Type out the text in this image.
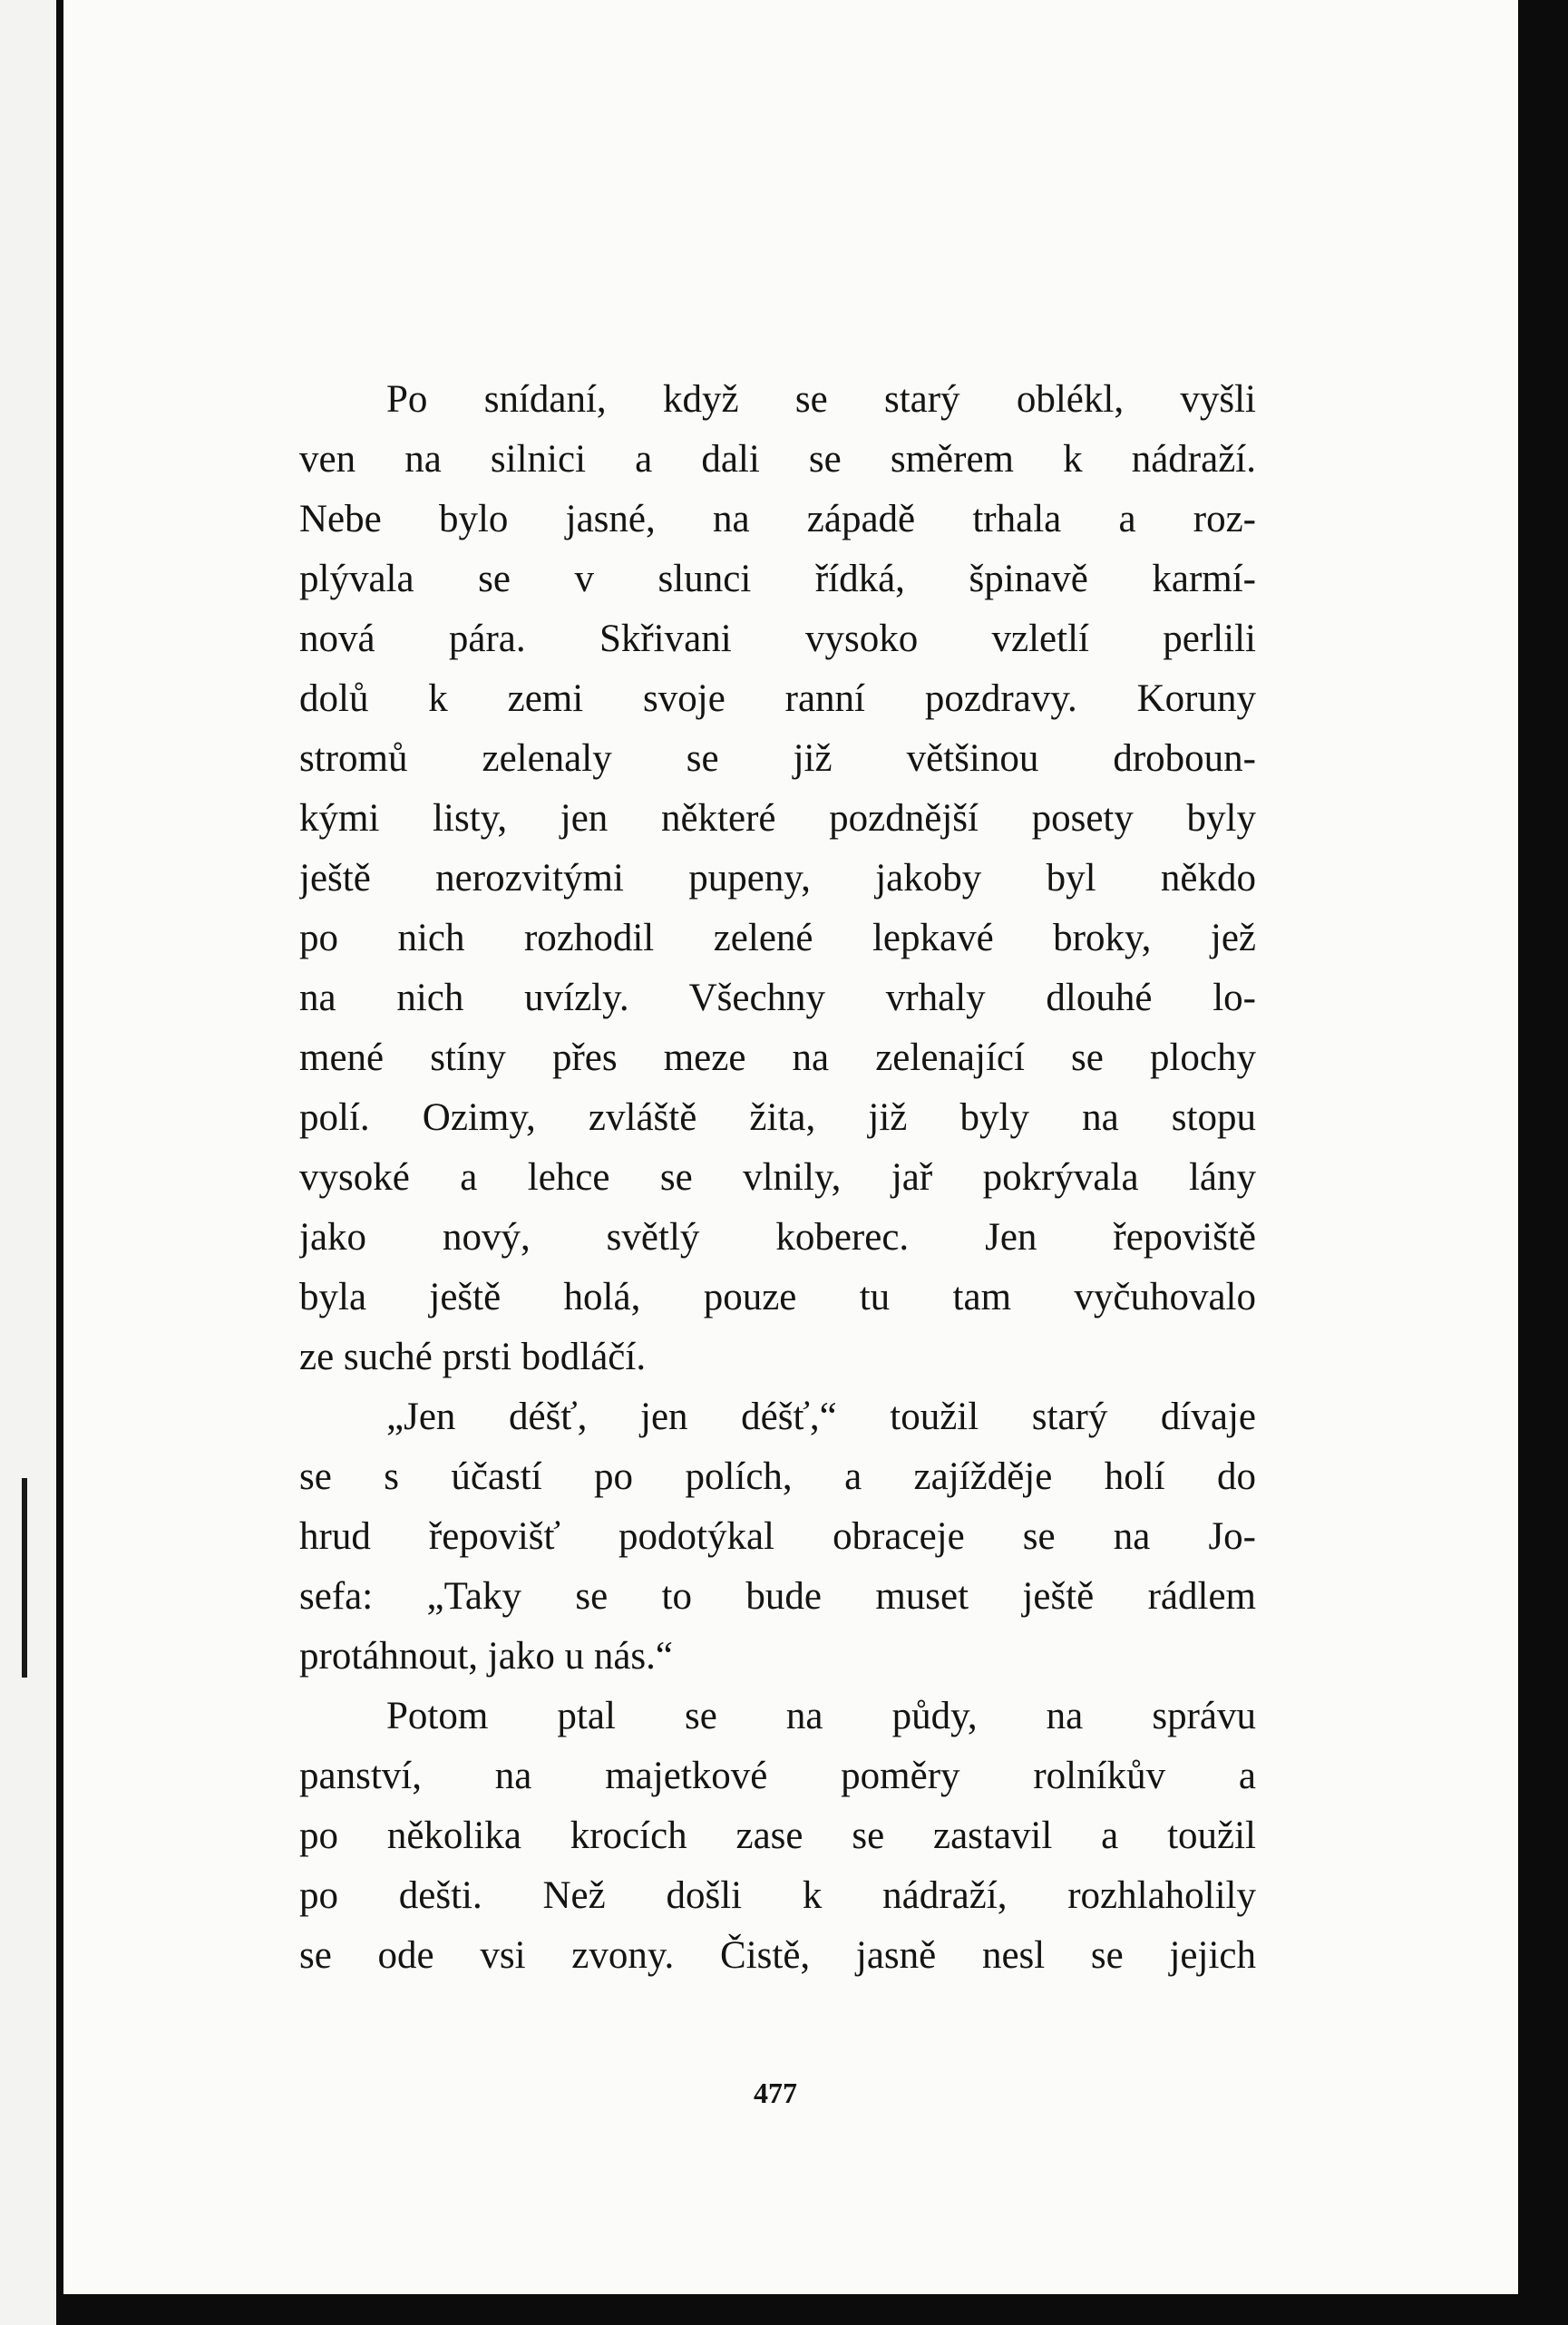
Po snídaní, když se starý oblékl, vyšli
ven na silnici a dali se směrem k nádraží.
Nebe bylo jasné, na západě trhala a roz-
plývala se v slunci řídká, špinavě karmí-
nová pára. Skřivani vysoko vzletlí perlili
dolů k zemi svoje ranní pozdravy. Koruny
stromů zelenaly se již většinou droboun-
kými listy, jen některé pozdnější posety byly
ještě nerozvitými pupeny, jakoby byl někdo
po nich rozhodil zelené lepkavé broky, jež
na nich uvízly. Všechny vrhaly dlouhé lo-
mené stíny přes meze na zelenající se plochy
polí. Ozimy, zvláště žita, již byly na stopu
vysoké a lehce se vlnily, jař pokrývala lány
jako nový, světlý koberec. Jen řepoviště
byla ještě holá, pouze tu tam vyčuhovalo
ze suché prsti bodláčí.
„Jen déšť, jen déšť,“ toužil starý dívaje
se s účastí po polích, a zajížděje holí do
hrud řepovišť podotýkal obraceje se na Jo-
sefa: „Taky se to bude muset ještě rádlem
protáhnout, jako u nás.“
Potom ptal se na půdy, na správu
panství, na majetkové poměry rolníkův a
po několika krocích zase se zastavil a toužil
po dešti. Než došli k nádraží, rozhlaholily
se ode vsi zvony. Čistě, jasně nesl se jejich
477
